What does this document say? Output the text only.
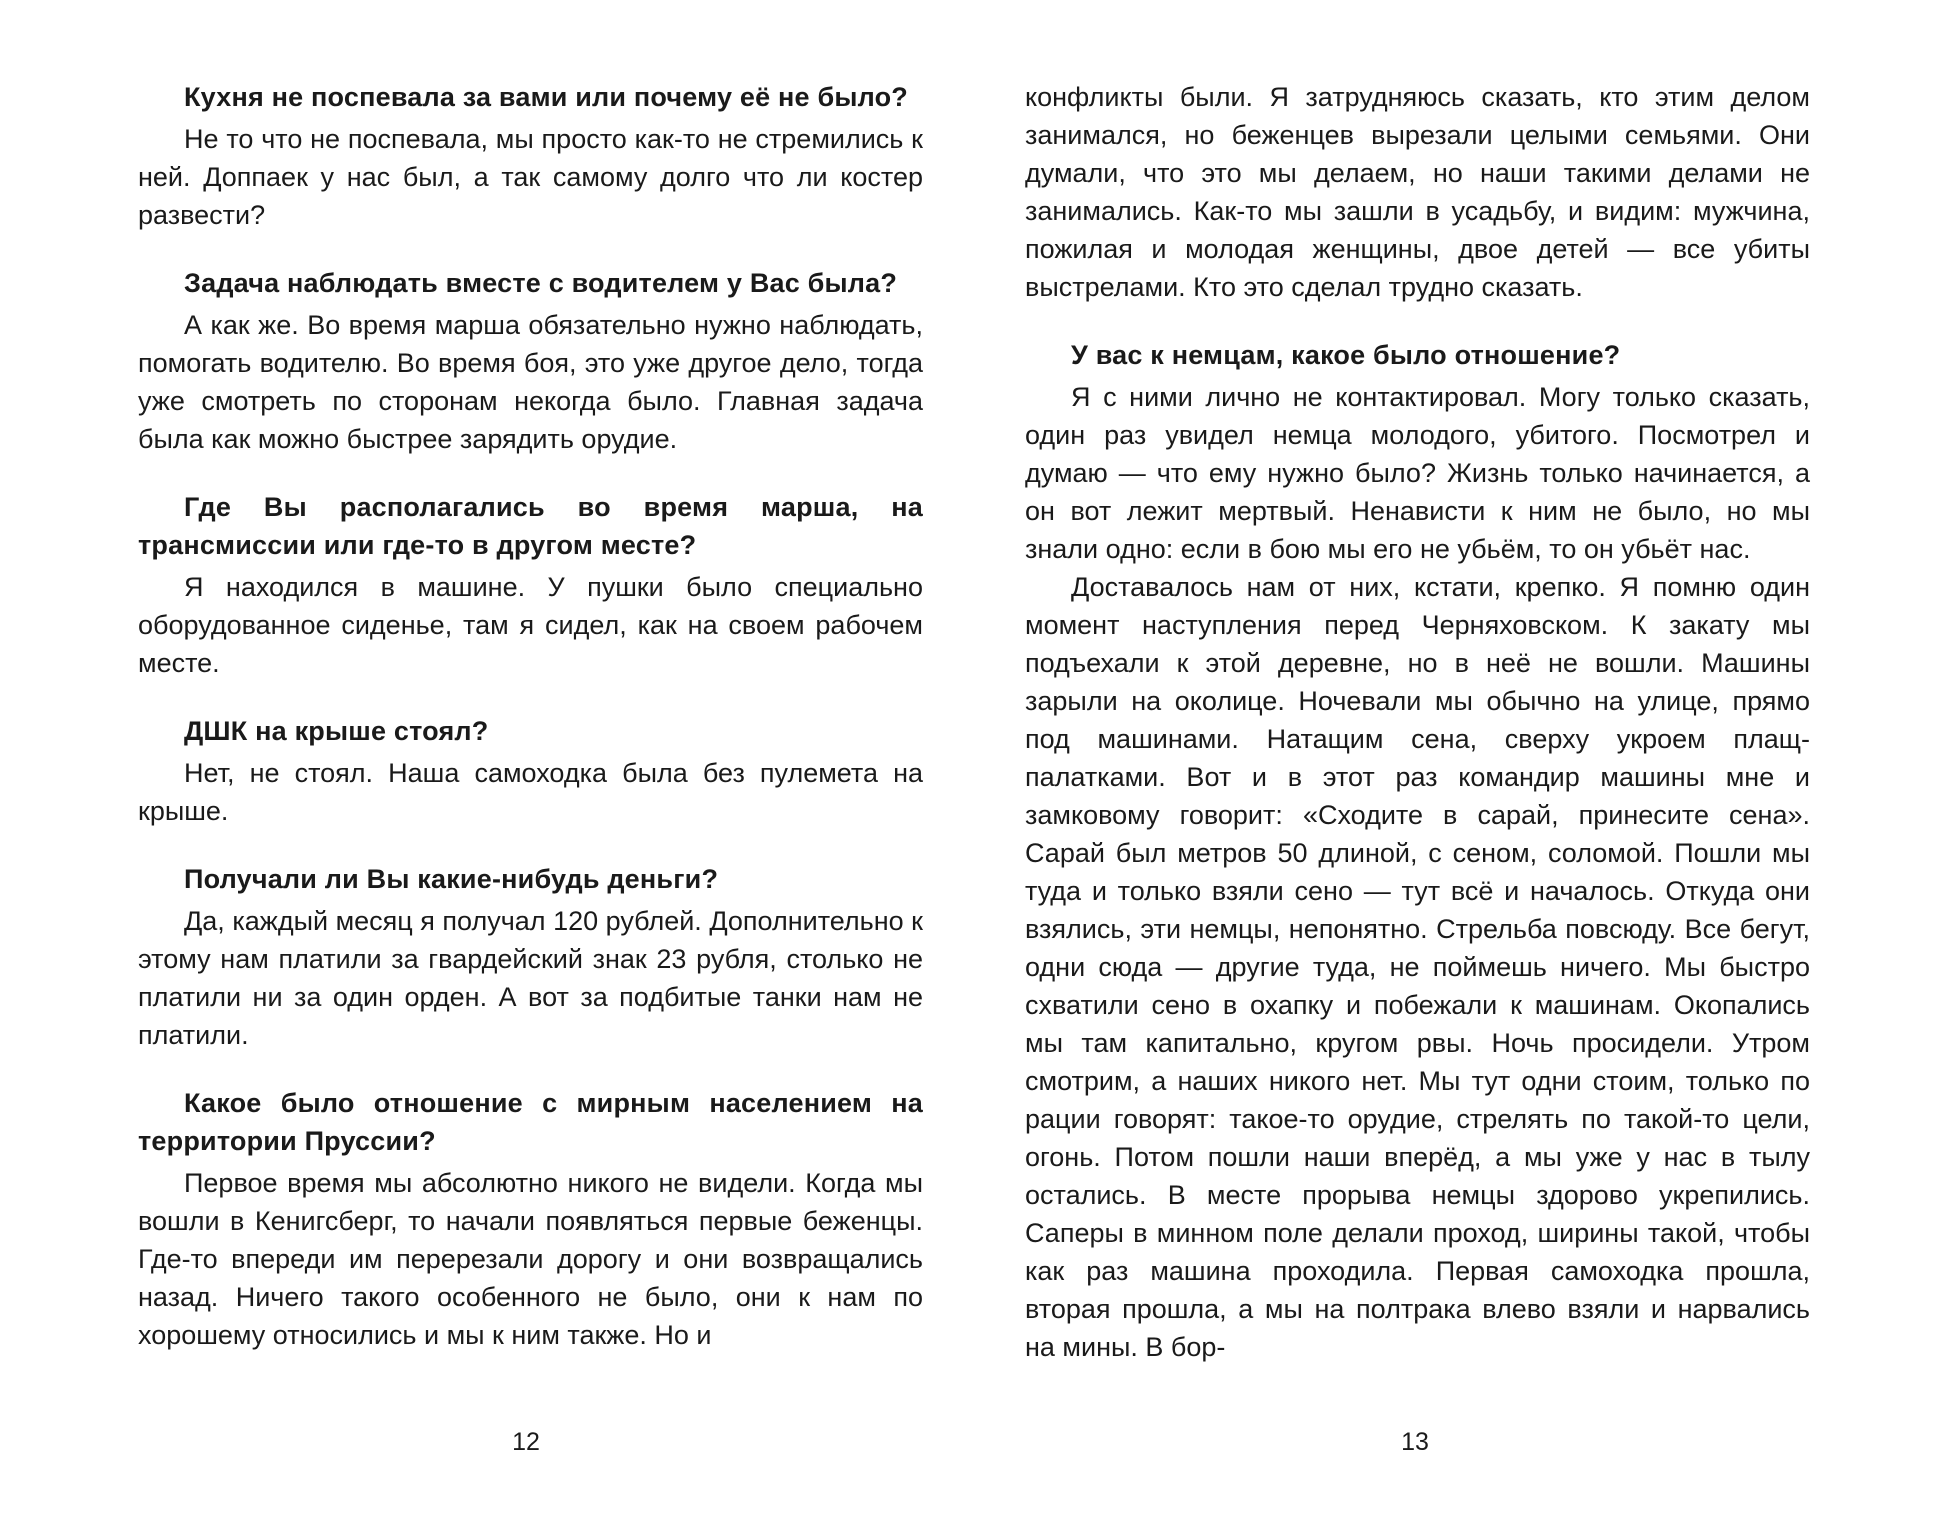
Кухня не поспевала за вами или почему её не было?

Не то что не поспевала, мы просто как-то не стремились к ней. Доппаек у нас был, а так самому долго что ли костер развести?

Задача наблюдать вместе с водителем у Вас была?

А как же. Во время марша обязательно нужно наблюдать, помогать водителю. Во время боя, это уже другое дело, тогда уже смотреть по сторонам некогда было. Главная задача была как можно быстрее зарядить орудие.

Где Вы располагались во время марша, на трансмиссии или где-то в другом месте?

Я находился в машине. У пушки было специально оборудованное сиденье, там я сидел, как на своем рабочем месте.

ДШК на крыше стоял?

Нет, не стоял. Наша самоходка была без пулемета на крыше.

Получали ли Вы какие-нибудь деньги?

Да, каждый месяц я получал 120 рублей. Дополнительно к этому нам платили за гвардейский знак 23 рубля, столько не платили ни за один орден. А вот за подбитые танки нам не платили.

Какое было отношение с мирным населением на территории Пруссии?

Первое время мы абсолютно никого не видели. Когда мы вошли в Кенигсберг, то начали появляться первые беженцы. Где-то впереди им перерезали дорогу и они возвращались назад. Ничего такого особенного не было, они к нам по хорошему относились и мы к ним также. Но и

12

конфликты были. Я затрудняюсь сказать, кто этим делом занимался, но беженцев вырезали целыми семьями. Они думали, что это мы делаем, но наши такими делами не занимались. Как-то мы зашли в усадьбу, и видим: мужчина, пожилая и молодая женщины, двое детей — все убиты выстрелами. Кто это сделал трудно сказать.

У вас к немцам, какое было отношение?

Я с ними лично не контактировал. Могу только сказать, один раз увидел немца молодого, убитого. Посмотрел и думаю — что ему нужно было? Жизнь только начинается, а он вот лежит мертвый. Ненависти к ним не было, но мы знали одно: если в бою мы его не убьём, то он убьёт нас.

Доставалось нам от них, кстати, крепко. Я помню один момент наступления перед Черняховском. К закату мы подъехали к этой деревне, но в неё не вошли. Машины зарыли на околице. Ночевали мы обычно на улице, прямо под машинами. Натащим сена, сверху укроем плащ-палатками. Вот и в этот раз командир машины мне и замковому говорит: «Сходите в сарай, принесите сена». Сарай был метров 50 длиной, с сеном, соломой. Пошли мы туда и только взяли сено — тут всё и началось. Откуда они взялись, эти немцы, непонятно. Стрельба повсюду. Все бегут, одни сюда — другие туда, не поймешь ничего. Мы быстро схватили сено в охапку и побежали к машинам. Окопались мы там капитально, кругом рвы. Ночь просидели. Утром смотрим, а наших никого нет. Мы тут одни стоим, только по рации говорят: такое-то орудие, стрелять по такой-то цели, огонь. Потом пошли наши вперёд, а мы уже у нас в тылу остались. В месте прорыва немцы здорово укрепились. Саперы в минном поле делали проход, ширины такой, чтобы как раз машина проходила. Первая самоходка прошла, вторая прошла, а мы на полтрака влево взяли и нарвались на мины. В бор-

13
